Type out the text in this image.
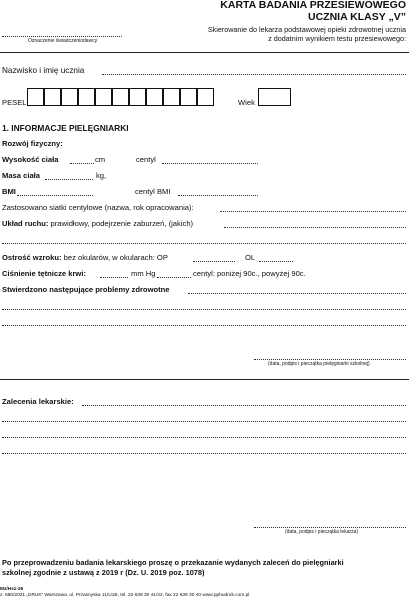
Oznaczenie świadczeniodawcy
KARTA BADANIA PRZESIEWOWEGO
UCZNIA KLASY „V”
Skierowanie do lekarza podstawowej opieki zdrowotnej ucznia
z dodatnim wynikiem testu przesiewowego:
Nazwisko i imię ucznia
PESEL	Wiek
1. INFORMACJE PIELĘGNIARKI
Rozwój fizyczny:
Wysokość ciała	cm	centyl
Masa ciała	kg,
BMI	centyl BMI
Zastosowano siatki centylowe (nazwa, rok opracowania):
Układ ruchu: prawidłowy, podejrzenie zaburzeń, (jakich)
Ostrość wzroku: bez okularów, w okularach: OP	OL
Ciśnienie tętnicze krwi:	mm Hg	centyl: poniżej 90c., powyżej 90c.
Stwierdzono następujące problemy zdrowotne
(data, podpis i pieczątka pielęgniarki szkolnej)
Zalecenia lekarskie:
(data, podpis i pieczątka lekarza)
Po przeprowadzeniu badania lekarskiego proszę o przekazanie wydanych zaleceń do pielęgniarki
szkolnej zgodnie z ustawą z 2019 r (Dz. U. 2019 poz. 1078)
Mz/Hsz-26
z. 580/2021 „DRUK” Warszawa, ul. Przasnyska 11/U1B, tel. 22 639 30 41/42, fax 22 639 30 40 www.pphudruk.com.pl
